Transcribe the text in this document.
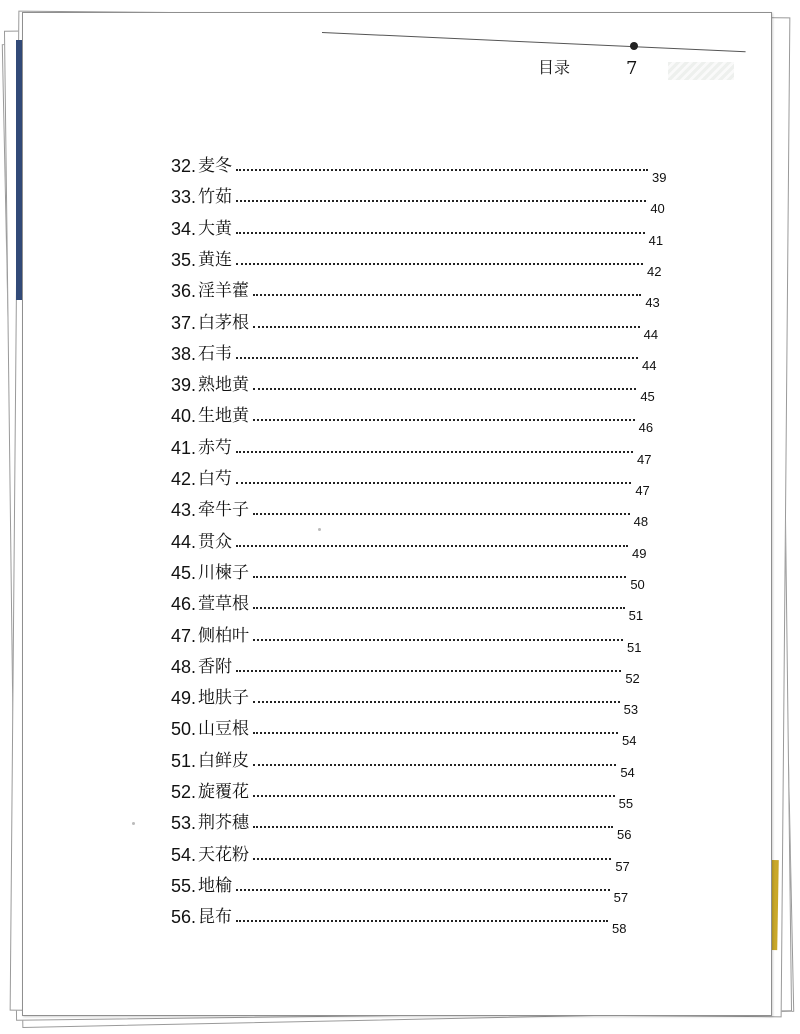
目录	7
32. 麦冬
39
33. 竹茹
40
34. 大黄
41
35. 黄连
42
36. 淫羊藿
43
37. 白茅根
44
38. 石韦
44
39. 熟地黄
45
40. 生地黄
46
41. 赤芍
47
42. 白芍
47
43. 牵牛子
48
44. 贯众
49
45. 川楝子
50
46. 萱草根
51
47. 侧柏叶
51
48. 香附
52
49. 地肤子
53
50. 山豆根
54
51. 白鲜皮
54
52. 旋覆花
55
53. 荆芥穗
56
54. 天花粉
57
55. 地榆
57
56. 昆布
58
